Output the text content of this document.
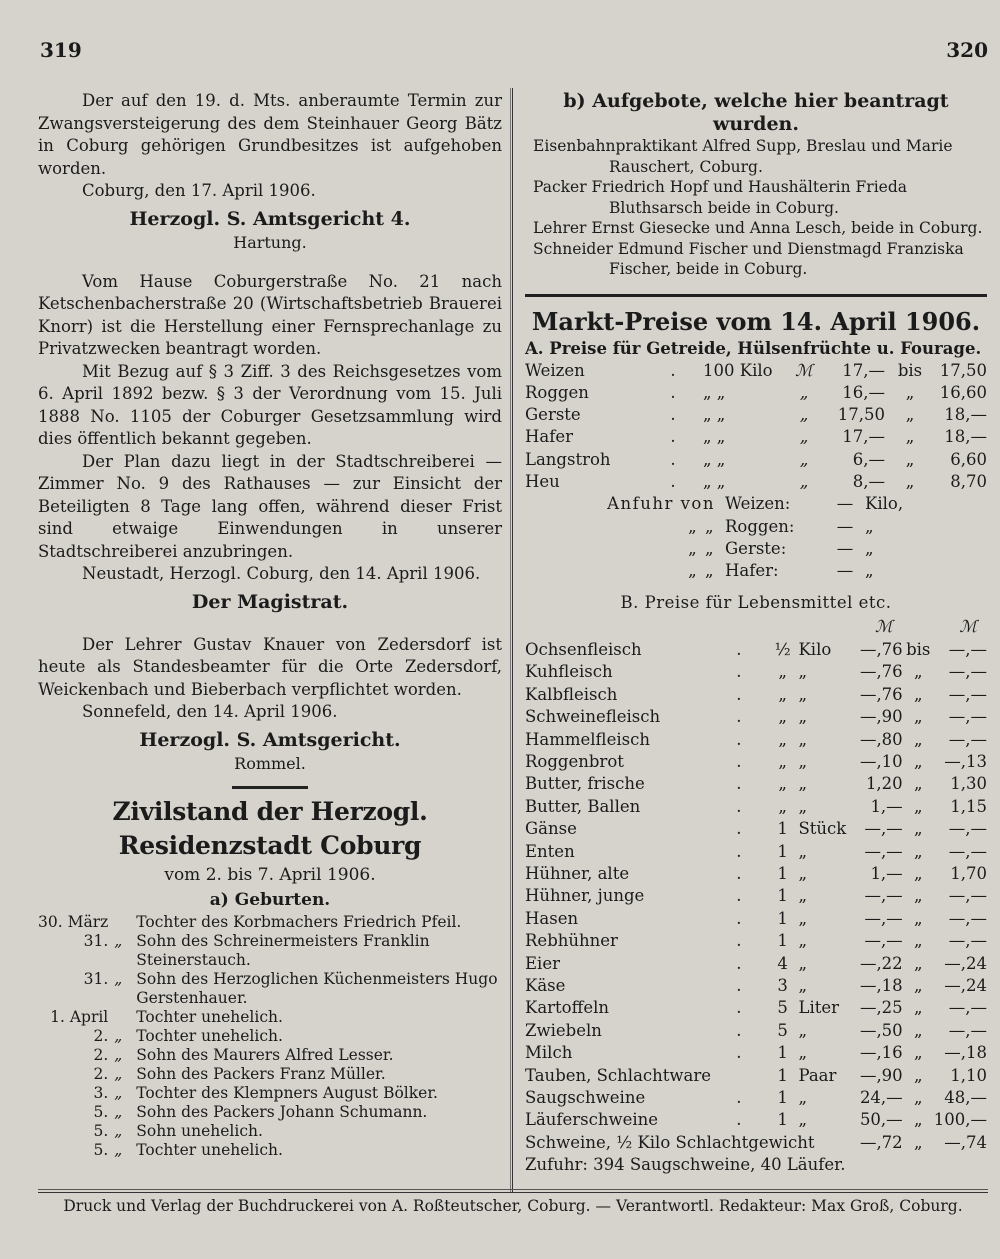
319	320

Der auf den 19. d. Mts. anberaumte Termin zur Zwangsversteigerung des dem Steinhauer Georg Bätz in Coburg gehörigen Grundbesitzes ist aufgehoben worden.

Coburg, den 17. April 1906.

Herzogl. S. Amtsgericht 4.
Hartung.

Vom Hause Coburgerstraße No. 21 nach Ketschenbacherstraße 20 (Wirtschaftsbetrieb Brauerei Knorr) ist die Herstellung einer Fernsprechanlage zu Privatzwecken beantragt worden.

Mit Bezug auf § 3 Ziff. 3 des Reichsgesetzes vom 6. April 1892 bezw. § 3 der Verordnung vom 15. Juli 1888 No. 1105 der Coburger Gesetzsammlung wird dies öffentlich bekannt gegeben.

Der Plan dazu liegt in der Stadtschreiberei — Zimmer No. 9 des Rathauses — zur Einsicht der Beteiligten 8 Tage lang offen, während dieser Frist sind etwaige Einwendungen in unserer Stadtschreiberei anzubringen.

Neustadt, Herzogl. Coburg, den 14. April 1906.

Der Magistrat.

Der Lehrer Gustav Knauer von Zedersdorf ist heute als Standesbeamter für die Orte Zedersdorf, Weickenbach und Bieberbach verpflichtet worden.

Sonnefeld, den 14. April 1906.

Herzogl. S. Amtsgericht.
Rommel.
Zivilstand der Herzogl. Residenzstadt Coburg
vom 2. bis 7. April 1906.
a) Geburten.
30. März		Tochter des Korbmachers Friedrich Pfeil.
31.	„	Sohn des Schreinermeisters Franklin Steinerstauch.
31.	„	Sohn des Herzoglichen Küchenmeisters Hugo Gerstenhauer.
1. April		Tochter unehelich.
2.	„	Tochter unehelich.
2.	„	Sohn des Maurers Alfred Lesser.
2.	„	Sohn des Packers Franz Müller.
3.	„	Tochter des Klempners August Bölker.
5.	„	Sohn des Packers Johann Schumann.
5.	„	Sohn unehelich.
5.	„	Tochter unehelich.
b) Aufgebote, welche hier beantragt wurden.

Eisenbahnpraktikant Alfred Supp, Breslau und Marie Rauschert, Coburg.

Packer Friedrich Hopf und Haushälterin Frieda Bluthsarsch beide in Coburg.

Lehrer Ernst Giesecke und Anna Lesch, beide in Coburg.

Schneider Edmund Fischer und Dienstmagd Franziska Fischer, beide in Coburg.

Markt-Preise vom 14. April 1906.
A. Preise für Getreide, Hülsenfrüchte u. Fourage.
Weizen	.	100 Kilo	ℳ	17,—	bis	17,50
Roggen	.	„ „	„	16,—	„	16,60
Gerste	.	„ „	„	17,50	„	18,—
Hafer	.	„ „	„	17,—	„	18,—
Langstroh	.	„ „	„	6,—	„	6,60
Heu	.	„ „	„	8,—	„	8,70
Anfuhr von	Weizen:	—	Kilo,
„ „	Roggen:	—	„
„ „	Gerste:	—	„
„ „	Hafer:	—	„
B. Preise für Lebensmittel etc.
				ℳ		ℳ
Ochsenfleisch	.	½	Kilo	—,76	bis	—,—
Kuhfleisch	.	„	„	—,76	„	—,—
Kalbfleisch	.	„	„	—,76	„	—,—
Schweinefleisch	.	„	„	—,90	„	—,—
Hammelfleisch	.	„	„	—,80	„	—,—
Roggenbrot	.	„	„	—,10	„	—,13
Butter, frische	.	„	„	1,20	„	1,30
Butter, Ballen	.	„	„	1,—	„	1,15
Gänse	.	1	Stück	—,—	„	—,—
Enten	.	1	„	—,—	„	—,—
Hühner, alte	.	1	„	1,—	„	1,70
Hühner, junge	.	1	„	—,—	„	—,—
Hasen	.	1	„	—,—	„	—,—
Rebhühner	.	1	„	—,—	„	—,—
Eier	.	4	„	—,22	„	—,24
Käse	.	3	„	—,18	„	—,24
Kartoffeln	.	5	Liter	—,25	„	—,—
Zwiebeln	.	5	„	—,50	„	—,—
Milch	.	1	„	—,16	„	—,18
Tauben, Schlachtware		1	Paar	—,90	„	1,10
Saugschweine	.	1	„	24,—	„	48,—
Läuferschweine	.	1	„	50,—	„	100,—
Schweine, ½ Kilo Schlachtgewicht				—,72	„	—,74

Zufuhr: 394 Saugschweine, 40 Läufer.

Druck und Verlag der Buchdruckerei von A. Roßteutscher, Coburg. — Verantwortl. Redakteur: Max Groß, Coburg.
